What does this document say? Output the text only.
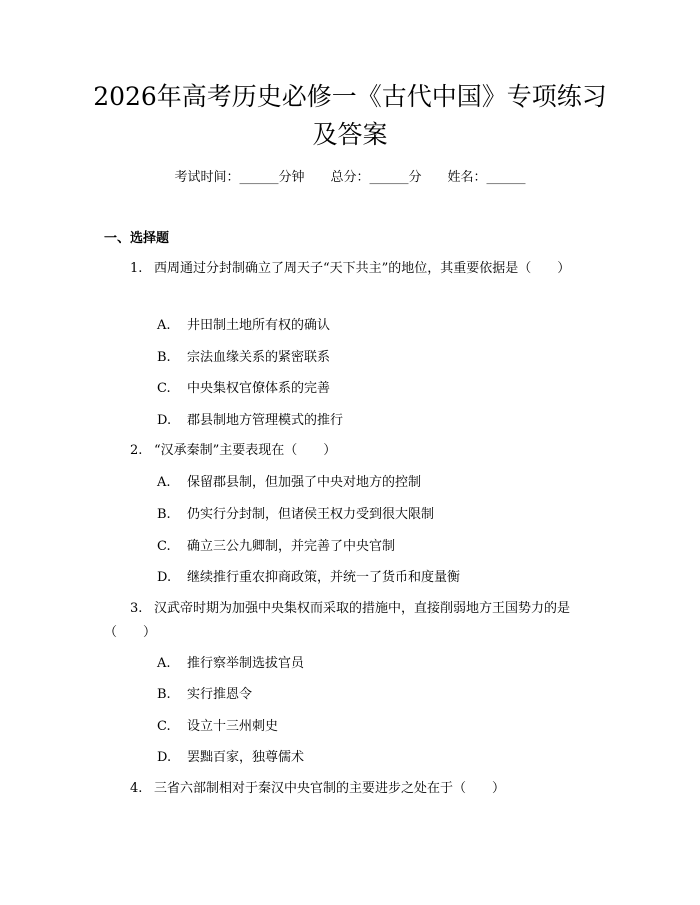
2026年高考历史必修一《古代中国》专项练习及答案
考试时间：______分钟 总分：______分 姓名：______
一、选择题
1. 西周通过分封制确立了周天子“天下共主”的地位，其重要依据是（　　）
A. 井田制土地所有权的确认
B. 宗法血缘关系的紧密联系
C. 中央集权官僚体系的完善
D. 郡县制地方管理模式的推行
2. “汉承秦制”主要表现在（　　）
A. 保留郡县制，但加强了中央对地方的控制
B. 仍实行分封制，但诸侯王权力受到很大限制
C. 确立三公九卿制，并完善了中央官制
D. 继续推行重农抑商政策，并统一了货币和度量衡
3. 汉武帝时期为加强中央集权而采取的措施中，直接削弱地方王国势力的是（　　）
A. 推行察举制选拔官员
B. 实行推恩令
C. 设立十三州刺史
D. 罢黜百家，独尊儒术
4. 三省六部制相对于秦汉中央官制的主要进步之处在于（　　）
